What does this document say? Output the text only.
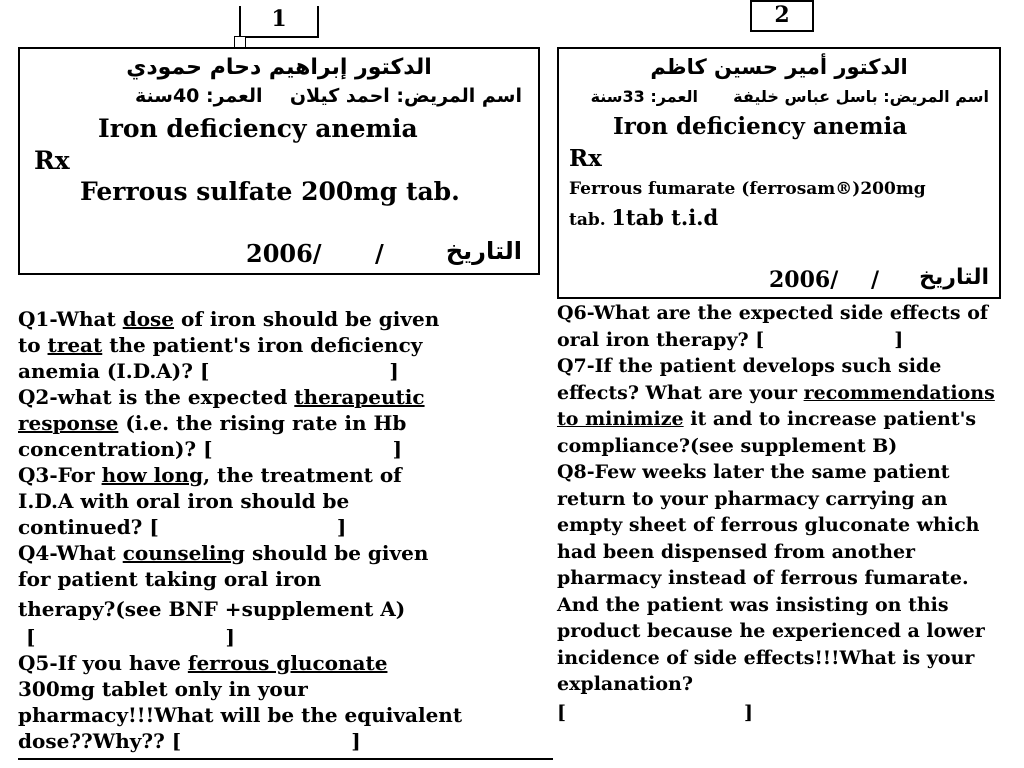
1	2
الدكتور إبراهيم دحام حمودي
اسم المريض: احمد كيلان  العمر: 40سنة
Iron deficiency anemia
Rx
Ferrous sulfate 200mg tab.
2006/ /	التاريخ
الدكتور أمير حسين كاظم
اسم المريض: باسل عباس خليفة  العمر: 33سنة
Iron deficiency anemia
Rx
Ferrous fumarate (ferrosam®)200mg
tab. 1tab t.i.d
2006/ / التاريخ
Q1-What dose of iron should be given
to treat the patient's iron deficiency
anemia (I.D.A)? [	]
Q2-what is the expected therapeutic
response (i.e. the rising rate in Hb
concentration)? [	]
Q3-For how long, the treatment of
I.D.A with oral iron should be
continued? [	]
Q4-What counseling should be given
for patient taking oral iron
therapy?(see BNF +supplement A)
[	]
Q5-If you have ferrous gluconate
300mg tablet only in your
pharmacy!!!What will be the equivalent
dose??Why?? [	]
Q6-What are the expected side effects of
oral iron therapy? [	]
Q7-If the patient develops such side
effects? What are your recommendations
to minimize it and to increase patient's
compliance?(see supplement B)
Q8-Few weeks later the same patient
return to your pharmacy carrying an
empty sheet of ferrous gluconate which
had been dispensed from another
pharmacy instead of ferrous fumarate.
And the patient was insisting on this
product because he experienced a lower
incidence of side effects!!!What is your
explanation?
[	]
